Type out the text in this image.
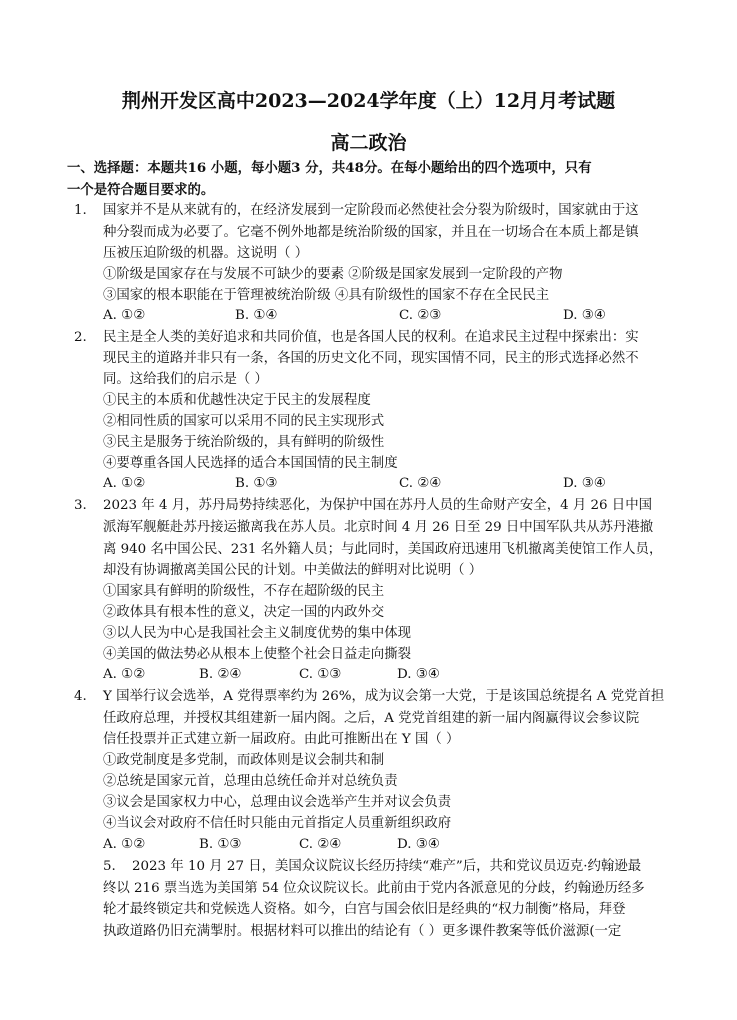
荆州开发区高中2023—2024学年度（上）12月月考试题
高二政治
一、选择题：本题共16 小题，每小题3 分，共48分。在每小题给出的四个选项中，只有
一个是符合题目要求的。
1. 国家并不是从来就有的，在经济发展到一定阶段而必然使社会分裂为阶级时，国家就由于这
种分裂而成为必要了。它毫不例外地都是统治阶级的国家，并且在一切场合在本质上都是镇
压被压迫阶级的机器。这说明（ ）
①阶级是国家存在与发展不可缺少的要素 ②阶级是国家发展到一定阶段的产物
③国家的根本职能在于管理被统治阶级 ④具有阶级性的国家不存在全民民主
A. ①②	B. ①④	C. ②③	D. ③④
2. 民主是全人类的美好追求和共同价值，也是各国人民的权利。在追求民主过程中探索出：实
现民主的道路并非只有一条，各国的历史文化不同，现实国情不同，民主的形式选择必然不
同。这给我们的启示是（ ）
①民主的本质和优越性决定于民主的发展程度
②相同性质的国家可以采用不同的民主实现形式
③民主是服务于统治阶级的，具有鲜明的阶级性
④要尊重各国人民选择的适合本国国情的民主制度
A. ①②	B. ①③	C. ②④	D. ③④
3. 2023 年 4 月，苏丹局势持续恶化，为保护中国在苏丹人员的生命财产安全，4 月 26 日中国
派海军舰艇赴苏丹接运撤离我在苏人员。北京时间 4 月 26 日至 29 日中国军队共从苏丹港撤
离 940 名中国公民、231 名外籍人员；与此同时，美国政府迅速用飞机撤离美使馆工作人员，
却没有协调撤离美国公民的计划。中美做法的鲜明对比说明（ ）
①国家具有鲜明的阶级性，不存在超阶级的民主
②政体具有根本性的意义，决定一国的内政外交
③以人民为中心是我国社会主义制度优势的集中体现
④美国的做法势必从根本上使整个社会日益走向撕裂
A. ①②	B. ②④	C. ①③	D. ③④
4. Y 国举行议会选举，A 党得票率约为 26%，成为议会第一大党，于是该国总统提名 A 党党首担
任政府总理，并授权其组建新一届内阁。之后，A 党党首组建的新一届内阁赢得议会参议院
信任投票并正式建立新一届政府。由此可推断出在 Y 国（ ）
①政党制度是多党制，而政体则是议会制共和制
②总统是国家元首，总理由总统任命并对总统负责
③议会是国家权力中心，总理由议会选举产生并对议会负责
④当议会对政府不信任时只能由元首指定人员重新组织政府
A. ①②	B. ①③	C. ②④	D. ③④
5. 2023 年 10 月 27 日，美国众议院议长经历持续“难产”后，共和党议员迈克·约翰逊最
终以 216 票当选为美国第 54 位众议院议长。此前由于党内各派意见的分歧，约翰逊历经多
轮才最终锁定共和党候选人资格。如今，白宫与国会依旧是经典的“权力制衡”格局，拜登
执政道路仍旧充满掣肘。根据材料可以推出的结论有（ ）更多课件教案等低价滋源(一定
